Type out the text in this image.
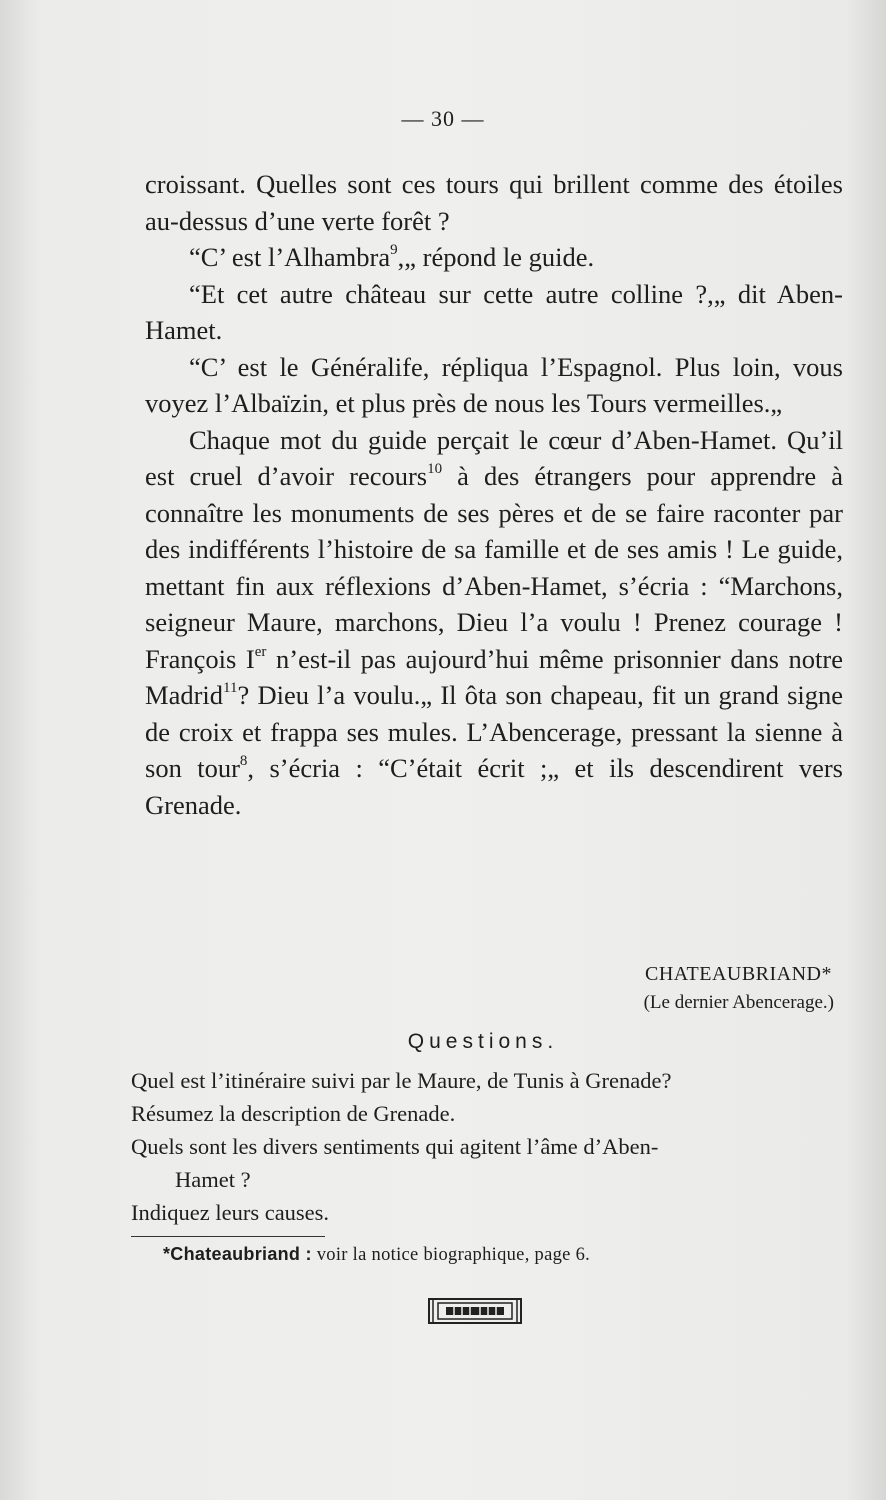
— 30 —

croissant. Quelles sont ces tours qui brillent comme des étoiles au-dessus d’une verte forêt ?

“C’ est l’Alhambra$^9$,„ répond le guide.

“Et cet autre château sur cette autre colline ?,„ dit Aben-Hamet.

“C’ est le Généralife, répliqua l’Espagnol. Plus loin, vous voyez l’Albaïzin, et plus près de nous les Tours vermeilles.„

Chaque mot du guide perçait le cœur d’Aben-Hamet. Qu’il est cruel d’avoir recours$^{10}$ à des étrangers pour apprendre à connaître les monuments de ses pères et de se faire raconter par des indifférents l’histoire de sa famille et de ses amis ! Le guide, mettant fin aux réflexions d’Aben-Hamet, s’écria : “Marchons, seigneur Maure, marchons, Dieu l’a voulu ! Prenez courage ! François Ier n’est-il pas aujourd’hui même prisonnier dans notre Madrid$^{11}$? Dieu l’a voulu.„ Il ôta son chapeau, fit un grand signe de croix et frappa ses mules. L’Abencerage, pressant la sienne à son tour$^8$, s’écria : “C’était écrit ;„ et ils descendirent vers Grenade.

CHATEAUBRIAND*
(Le dernier Abencerage.)
Questions.
Quel est l’itinéraire suivi par le Maure, de Tunis à Grenade?
Résumez la description de Grenade.
Quels sont les divers sentiments qui agitent l’âme d’Aben-
Hamet ?
Indiquez leurs causes.
*Chateaubriand : voir la notice biographique, page 6.
